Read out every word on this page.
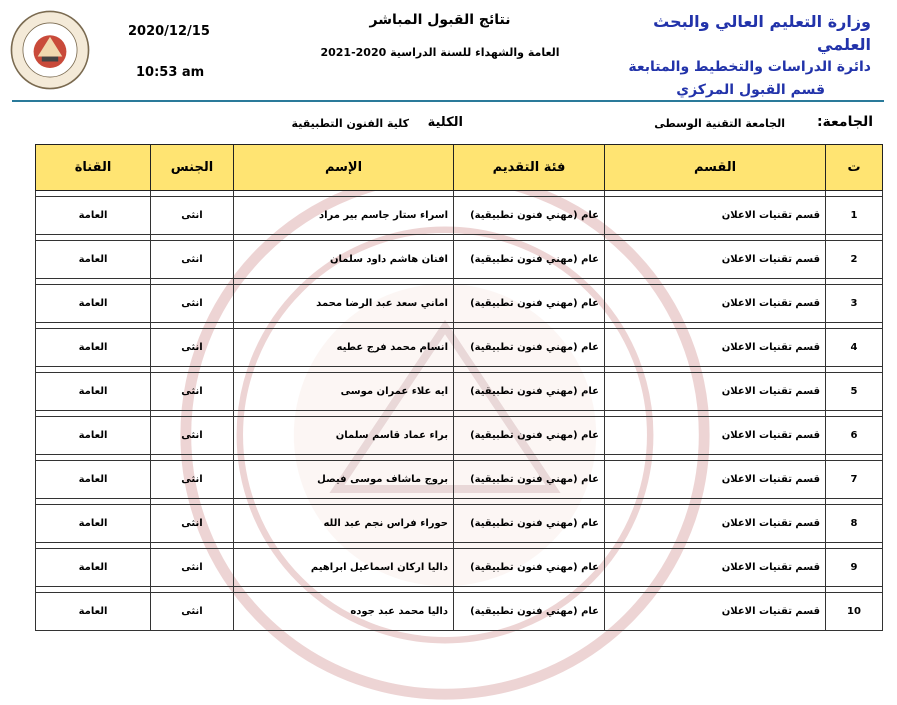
وزارة التعليم العالي والبحث العلمي
دائرة الدراسات والتخطيط والمتابعة
قسم القبول المركزي
نتائج القبول المباشر
العامة والشهداء للسنة الدراسية 2020-2021
2020/12/15
10:53 am
الجامعة:
الجامعة التقنية الوسطى
الكلية
كلية الفنون التطبيقية
ت	القسم	فئة التقديم	الإسم	الجنس	القناة

1	قسم تقنيات الاعلان	عام (مهني فنون تطبيقية)	اسراء ستار جاسم بير مراد	انثى	العامة

2	قسم تقنيات الاعلان	عام (مهني فنون تطبيقية)	افنان هاشم داود سلمان	انثى	العامة

3	قسم تقنيات الاعلان	عام (مهني فنون تطبيقية)	اماني سعد عبد الرضا محمد	انثى	العامة

4	قسم تقنيات الاعلان	عام (مهني فنون تطبيقية)	انسام محمد فرج عطيه	انثى	العامة

5	قسم تقنيات الاعلان	عام (مهني فنون تطبيقية)	ايه علاء عمران موسى	انثى	العامة

6	قسم تقنيات الاعلان	عام (مهني فنون تطبيقية)	براء عماد قاسم سلمان	انثى	العامة

7	قسم تقنيات الاعلان	عام (مهني فنون تطبيقية)	بروج ماشاف موسى فيصل	انثى	العامة

8	قسم تقنيات الاعلان	عام (مهني فنون تطبيقية)	حوراء فراس نجم عبد الله	انثى	العامة

9	قسم تقنيات الاعلان	عام (مهني فنون تطبيقية)	داليا اركان اسماعيل ابراهيم	انثى	العامة

10	قسم تقنيات الاعلان	عام (مهني فنون تطبيقية)	داليا محمد عبد جوده	انثى	العامة
